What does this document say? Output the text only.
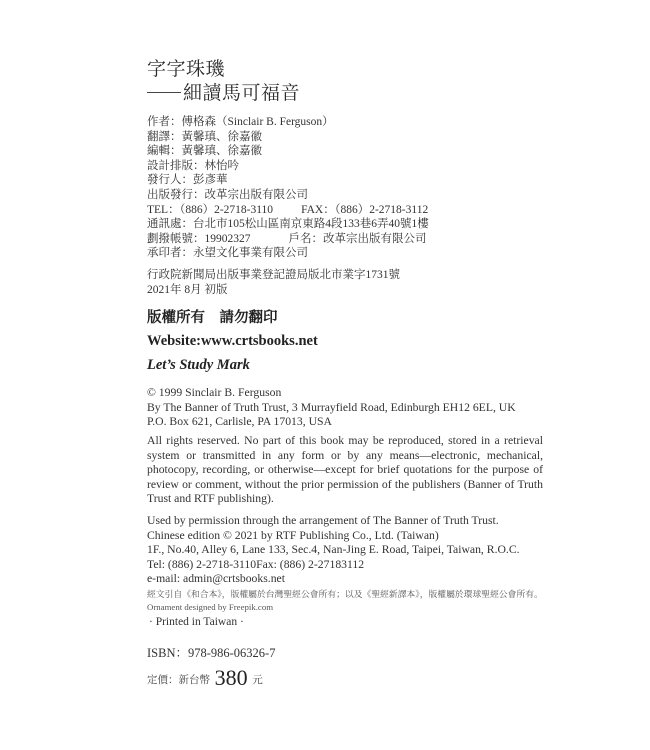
字字珠璣
細讀馬可福音
作者：傅格森（Sinclair B. Ferguson）
翻譯：黃馨瑱、徐嘉徽
編輯：黃馨瑱、徐嘉徽
設計排版：林怡吟
發行人：彭彥華
出版發行：改革宗出版有限公司
TEL：（886）2-2718-3110 FAX：（886）2-2718-3112
通訊處：台北市105松山區南京東路4段133巷6弄40號1樓
劃撥帳號：19902327	戶名：改革宗出版有限公司
承印者：永望文化事業有限公司
行政院新聞局出版事業登記證局版北市業字1731號
2021年 8月 初版
版權所有　請勿翻印
Website:www.crtsbooks.net
Let’s Study Mark
© 1999 Sinclair B. Ferguson
By The Banner of Truth Trust, 3 Murrayfield Road, Edinburgh EH12 6EL, UK
P.O. Box 621, Carlisle, PA 17013, USA
All rights reserved. No part of this book may be reproduced, stored in a retrieval system or transmitted in any form or by any means—electronic, mechanical, photocopy, recording, or otherwise—except for brief quotations for the purpose of review or comment, without the prior permission of the publishers (Banner of Truth Trust and RTF publishing).
Used by permission through the arrangement of The Banner of Truth Trust.
Chinese edition © 2021 by RTF Publishing Co., Ltd. (Taiwan)
1F., No.40, Alley 6, Lane 133, Sec.4, Nan-Jing E. Road, Taipei, Taiwan, R.O.C.
Tel: (886) 2-2718-3110Fax: (886) 2-27183112
e-mail: admin@crtsbooks.net
經文引自《和合本》，版權屬於台灣聖經公會所有；以及《聖經新譯本》，版權屬於環球聖經公會所有。Ornament designed by Freepik.com
· Printed in Taiwan ·
ISBN：978-986-06326-7
定價：新台幣 380 元
